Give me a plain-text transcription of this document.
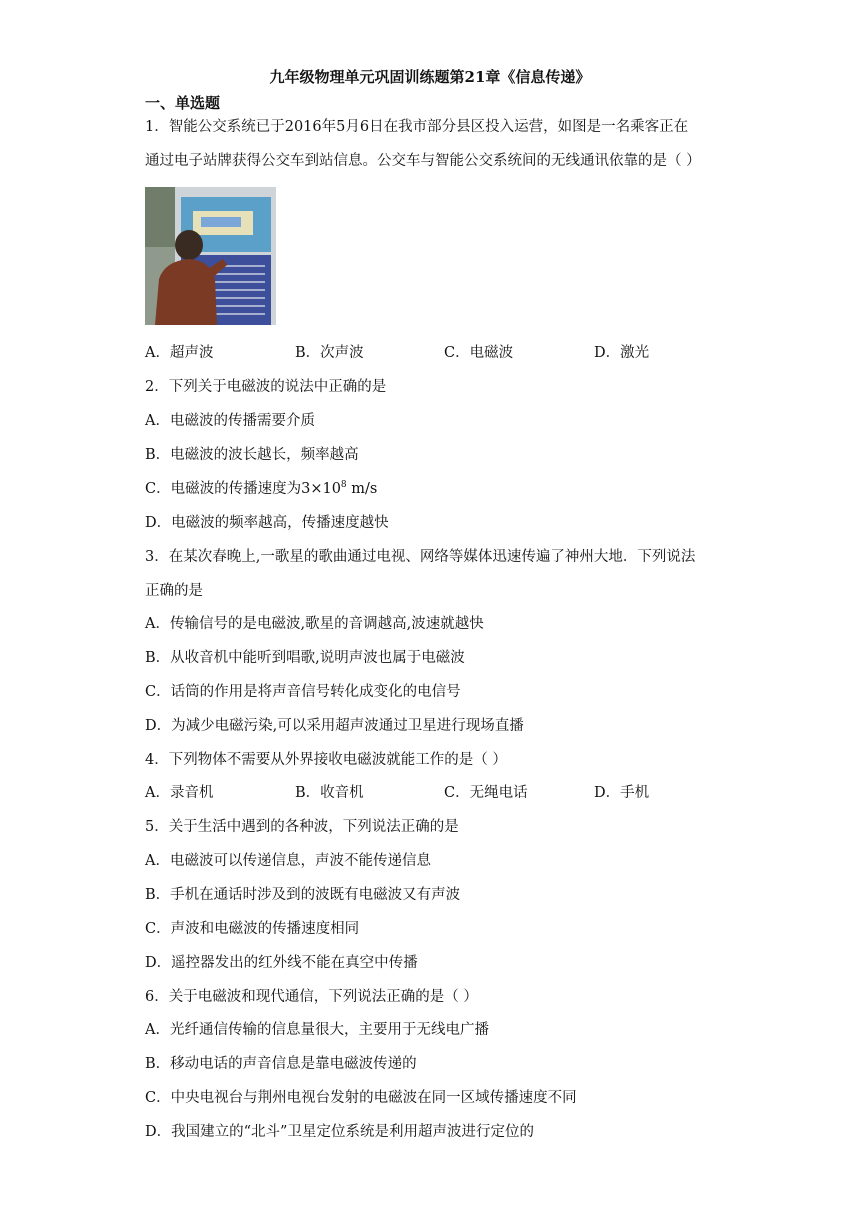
九年级物理单元巩固训练题第21章《信息传递》
一、单选题
1．智能公交系统已于2016年5月6日在我市部分县区投入运营，如图是一名乘客正在
通过电子站牌获得公交车到站信息。公交车与智能公交系统间的无线通讯依靠的是（ ）
A．超声波	B．次声波	C．电磁波	D．激光
2．下列关于电磁波的说法中正确的是
A．电磁波的传播需要介质
B．电磁波的波长越长，频率越高
C．电磁波的传播速度为$3\times 10^8$ m/s
D．电磁波的频率越高，传播速度越快
3．在某次春晚上,一歌星的歌曲通过电视、网络等媒体迅速传遍了神州大地．下列说法
正确的是
A．传输信号的是电磁波,歌星的音调越高,波速就越快
B．从收音机中能听到唱歌,说明声波也属于电磁波
C．话筒的作用是将声音信号转化成变化的电信号
D．为减少电磁污染,可以采用超声波通过卫星进行现场直播
4．下列物体不需要从外界接收电磁波就能工作的是（ ）
A．录音机	B．收音机	C．无绳电话	D．手机
5．关于生活中遇到的各种波，下列说法正确的是
A．电磁波可以传递信息，声波不能传递信息
B．手机在通话时涉及到的波既有电磁波又有声波
C．声波和电磁波的传播速度相同
D．遥控器发出的红外线不能在真空中传播
6．关于电磁波和现代通信，下列说法正确的是（ ）
A．光纤通信传输的信息量很大，主要用于无线电广播
B．移动电话的声音信息是靠电磁波传递的
C．中央电视台与荆州电视台发射的电磁波在同一区域传播速度不同
D．我国建立的“北斗”卫星定位系统是利用超声波进行定位的
